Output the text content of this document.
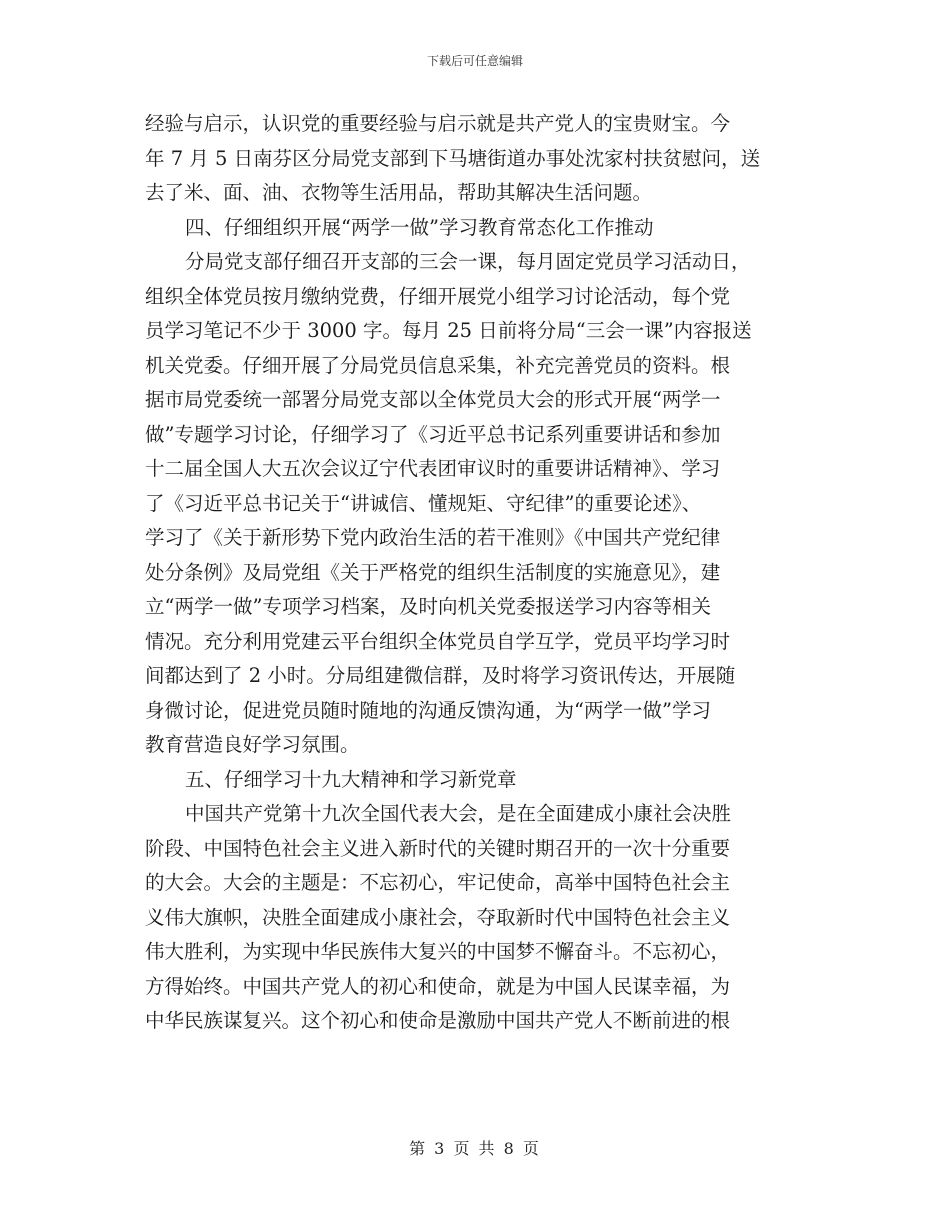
下载后可任意编辑
经验与启示，认识党的重要经验与启示就是共产党人的宝贵财宝。今
年 7 月 5 日南芬区分局党支部到下马塘街道办事处沈家村扶贫慰问，送
去了米、面、油、衣物等生活用品，帮助其解决生活问题。
四、仔细组织开展“两学一做”学习教育常态化工作推动
分局党支部仔细召开支部的三会一课，每月固定党员学习活动日，
组织全体党员按月缴纳党费，仔细开展党小组学习讨论活动，每个党
员学习笔记不少于 3000 字。每月 25 日前将分局“三会一课”内容报送
机关党委。仔细开展了分局党员信息采集，补充完善党员的资料。根
据市局党委统一部署分局党支部以全体党员大会的形式开展“两学一
做”专题学习讨论，仔细学习了《习近平总书记系列重要讲话和参加
十二届全国人大五次会议辽宁代表团审议时的重要讲话精神》、学习
了《习近平总书记关于“讲诚信、懂规矩、守纪律”的重要论述》、
学习了《关于新形势下党内政治生活的若干准则》《中国共产党纪律
处分条例》及局党组《关于严格党的组织生活制度的实施意见》，建
立“两学一做”专项学习档案，及时向机关党委报送学习内容等相关
情况。充分利用党建云平台组织全体党员自学互学，党员平均学习时
间都达到了 2 小时。分局组建微信群，及时将学习资讯传达，开展随
身微讨论，促进党员随时随地的沟通反馈沟通，为“两学一做”学习
教育营造良好学习氛围。
五、仔细学习十九大精神和学习新党章
中国共产党第十九次全国代表大会，是在全面建成小康社会决胜
阶段、中国特色社会主义进入新时代的关键时期召开的一次十分重要
的大会。大会的主题是：不忘初心，牢记使命，高举中国特色社会主
义伟大旗帜，决胜全面建成小康社会，夺取新时代中国特色社会主义
伟大胜利，为实现中华民族伟大复兴的中国梦不懈奋斗。不忘初心，
方得始终。中国共产党人的初心和使命，就是为中国人民谋幸福，为
中华民族谋复兴。这个初心和使命是激励中国共产党人不断前进的根
第 3 页 共 8 页
